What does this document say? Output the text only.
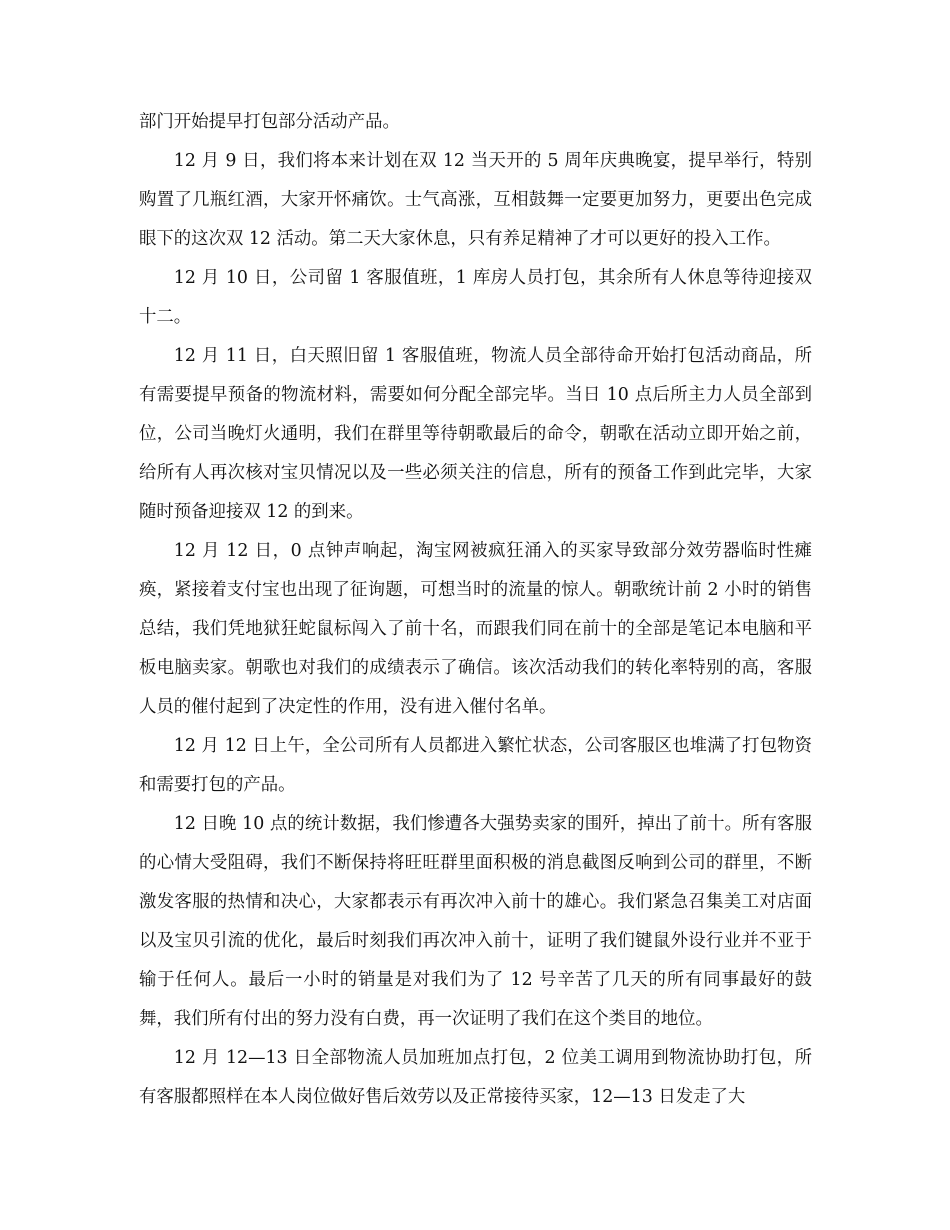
部门开始提早打包部分活动产品。

12 月 9 日，我们将本来计划在双 12 当天开的 5 周年庆典晚宴，提早举行，特别购置了几瓶红酒，大家开怀痛饮。士气高涨，互相鼓舞一定要更加努力，更要出色完成眼下的这次双 12 活动。第二天大家休息，只有养足精神了才可以更好的投入工作。

12 月 10 日，公司留 1 客服值班，1 库房人员打包，其余所有人休息等待迎接双十二。

12 月 11 日，白天照旧留 1 客服值班，物流人员全部待命开始打包活动商品，所有需要提早预备的物流材料，需要如何分配全部完毕。当日 10 点后所主力人员全部到位，公司当晚灯火通明，我们在群里等待朝歌最后的命令，朝歌在活动立即开始之前，给所有人再次核对宝贝情况以及一些必须关注的信息，所有的预备工作到此完毕，大家随时预备迎接双 12 的到来。

12 月 12 日，0 点钟声响起，淘宝网被疯狂涌入的买家导致部分效劳器临时性瘫痪，紧接着支付宝也出现了征询题，可想当时的流量的惊人。朝歌统计前 2 小时的销售总结，我们凭地狱狂蛇鼠标闯入了前十名，而跟我们同在前十的全部是笔记本电脑和平板电脑卖家。朝歌也对我们的成绩表示了确信。该次活动我们的转化率特别的高，客服人员的催付起到了决定性的作用，没有进入催付名单。

12 月 12 日上午，全公司所有人员都进入繁忙状态，公司客服区也堆满了打包物资和需要打包的产品。

12 日晚 10 点的统计数据，我们惨遭各大强势卖家的围歼，掉出了前十。所有客服的心情大受阻碍，我们不断保持将旺旺群里面积极的消息截图反响到公司的群里，不断激发客服的热情和决心，大家都表示有再次冲入前十的雄心。我们紧急召集美工对店面以及宝贝引流的优化，最后时刻我们再次冲入前十，证明了我们键鼠外设行业并不亚于输于任何人。最后一小时的销量是对我们为了 12 号辛苦了几天的所有同事最好的鼓舞，我们所有付出的努力没有白费，再一次证明了我们在这个类目的地位。

12 月 12—13 日全部物流人员加班加点打包，2 位美工调用到物流协助打包，所有客服都照样在本人岗位做好售后效劳以及正常接待买家，12—13 日发走了大
